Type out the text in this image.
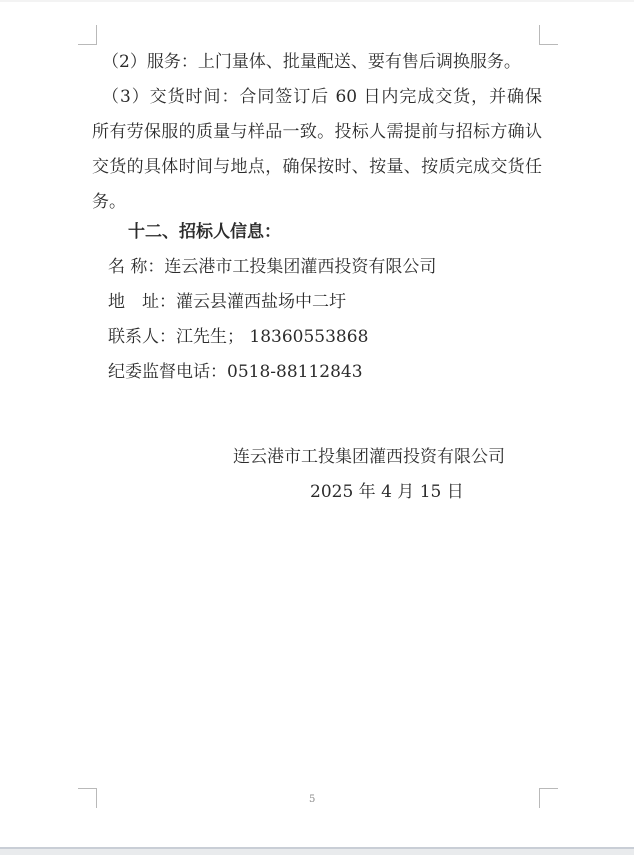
（2）服务：上门量体、批量配送、要有售后调换服务。
（3）交货时间：合同签订后 60 日内完成交货，并确保
所有劳保服的质量与样品一致。投标人需提前与招标方确认
交货的具体时间与地点，确保按时、按量、按质完成交货任
务。
十二、招标人信息：
名 称：连云港市工投集团灌西投资有限公司
地　址：灌云县灌西盐场中二圩
联系人：江先生； 18360553868
纪委监督电话：0518-88112843
连云港市工投集团灌西投资有限公司
2025 年 4 月 15 日
5
